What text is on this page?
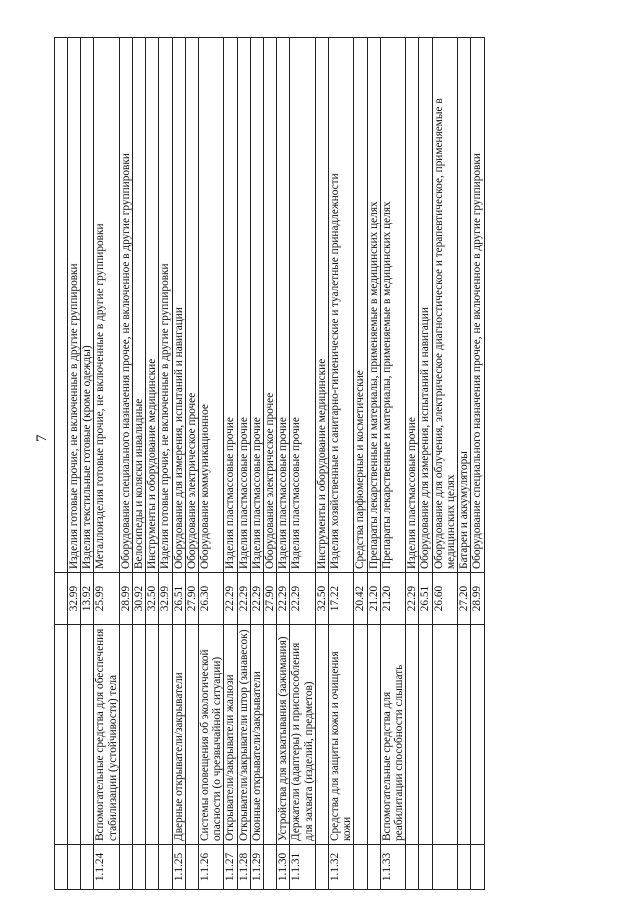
7

		32.99	Изделия готовые прочие, не включенные в другие группировки
		13.92	Изделия текстильные готовые (кроме одежды)
1.1.24	Вспомогательные средства для обеспечения стабилизации (устойчивости) тела	25.99	Металлоизделия готовые прочие, не включенные в другие группировки
		28.99	Оборудование специального назначения прочее, не включенное в другие группировки
		30.92	Велосипеды и коляски инвалидные
		32.50	Инструменты и оборудование медицинские
		32.99	Изделия готовые прочие, не включенные в другие группировки
1.1.25	Дверные открыватели/закрыватели	26.51	Оборудование для измерения, испытаний и навигации
		27.90	Оборудование электрическое прочее
1.1.26	Системы оповещения об экологической опасности (о чрезвычайной ситуации)	26.30	Оборудование коммуникационное
1.1.27	Открыватели/закрыватели жалюзи	22.29	Изделия пластмассовые прочие
1.1.28	Открыватели/закрыватели штор (занавесок)	22.29	Изделия пластмассовые прочие
1.1.29	Оконные открыватели/закрыватели	22.29	Изделия пластмассовые прочие
		27.90	Оборудование электрическое прочее
1.1.30	Устройства для захватывания (зажимания)	22.29	Изделия пластмассовые прочие
1.1.31	Держатели (адаптеры) и приспособления для захвата (изделий, предметов)	22.29	Изделия пластмассовые прочие
		32.50	Инструменты и оборудование медицинские
1.1.32	Средства для защиты кожи и очищения кожи	17.22	Изделия хозяйственные и санитарно-гигиенические и туалетные принадлежности
		20.42	Средства парфюмерные и косметические
		21.20	Препараты лекарственные и материалы, применяемые в медицинских целях
1.1.33	Вспомогательные средства для реабилитации способности слышать	21.20	Препараты лекарственные и материалы, применяемые в медицинских целях
		22.29	Изделия пластмассовые прочие
		26.51	Оборудование для измерения, испытаний и навигации
		26.60	Оборудование для облучения, электрическое диагностическое и терапевтическое, применяемые в медицинских целях
		27.20	Батареи и аккумуляторы
		28.99	Оборудование специального назначения прочее, не включенное в другие группировки
